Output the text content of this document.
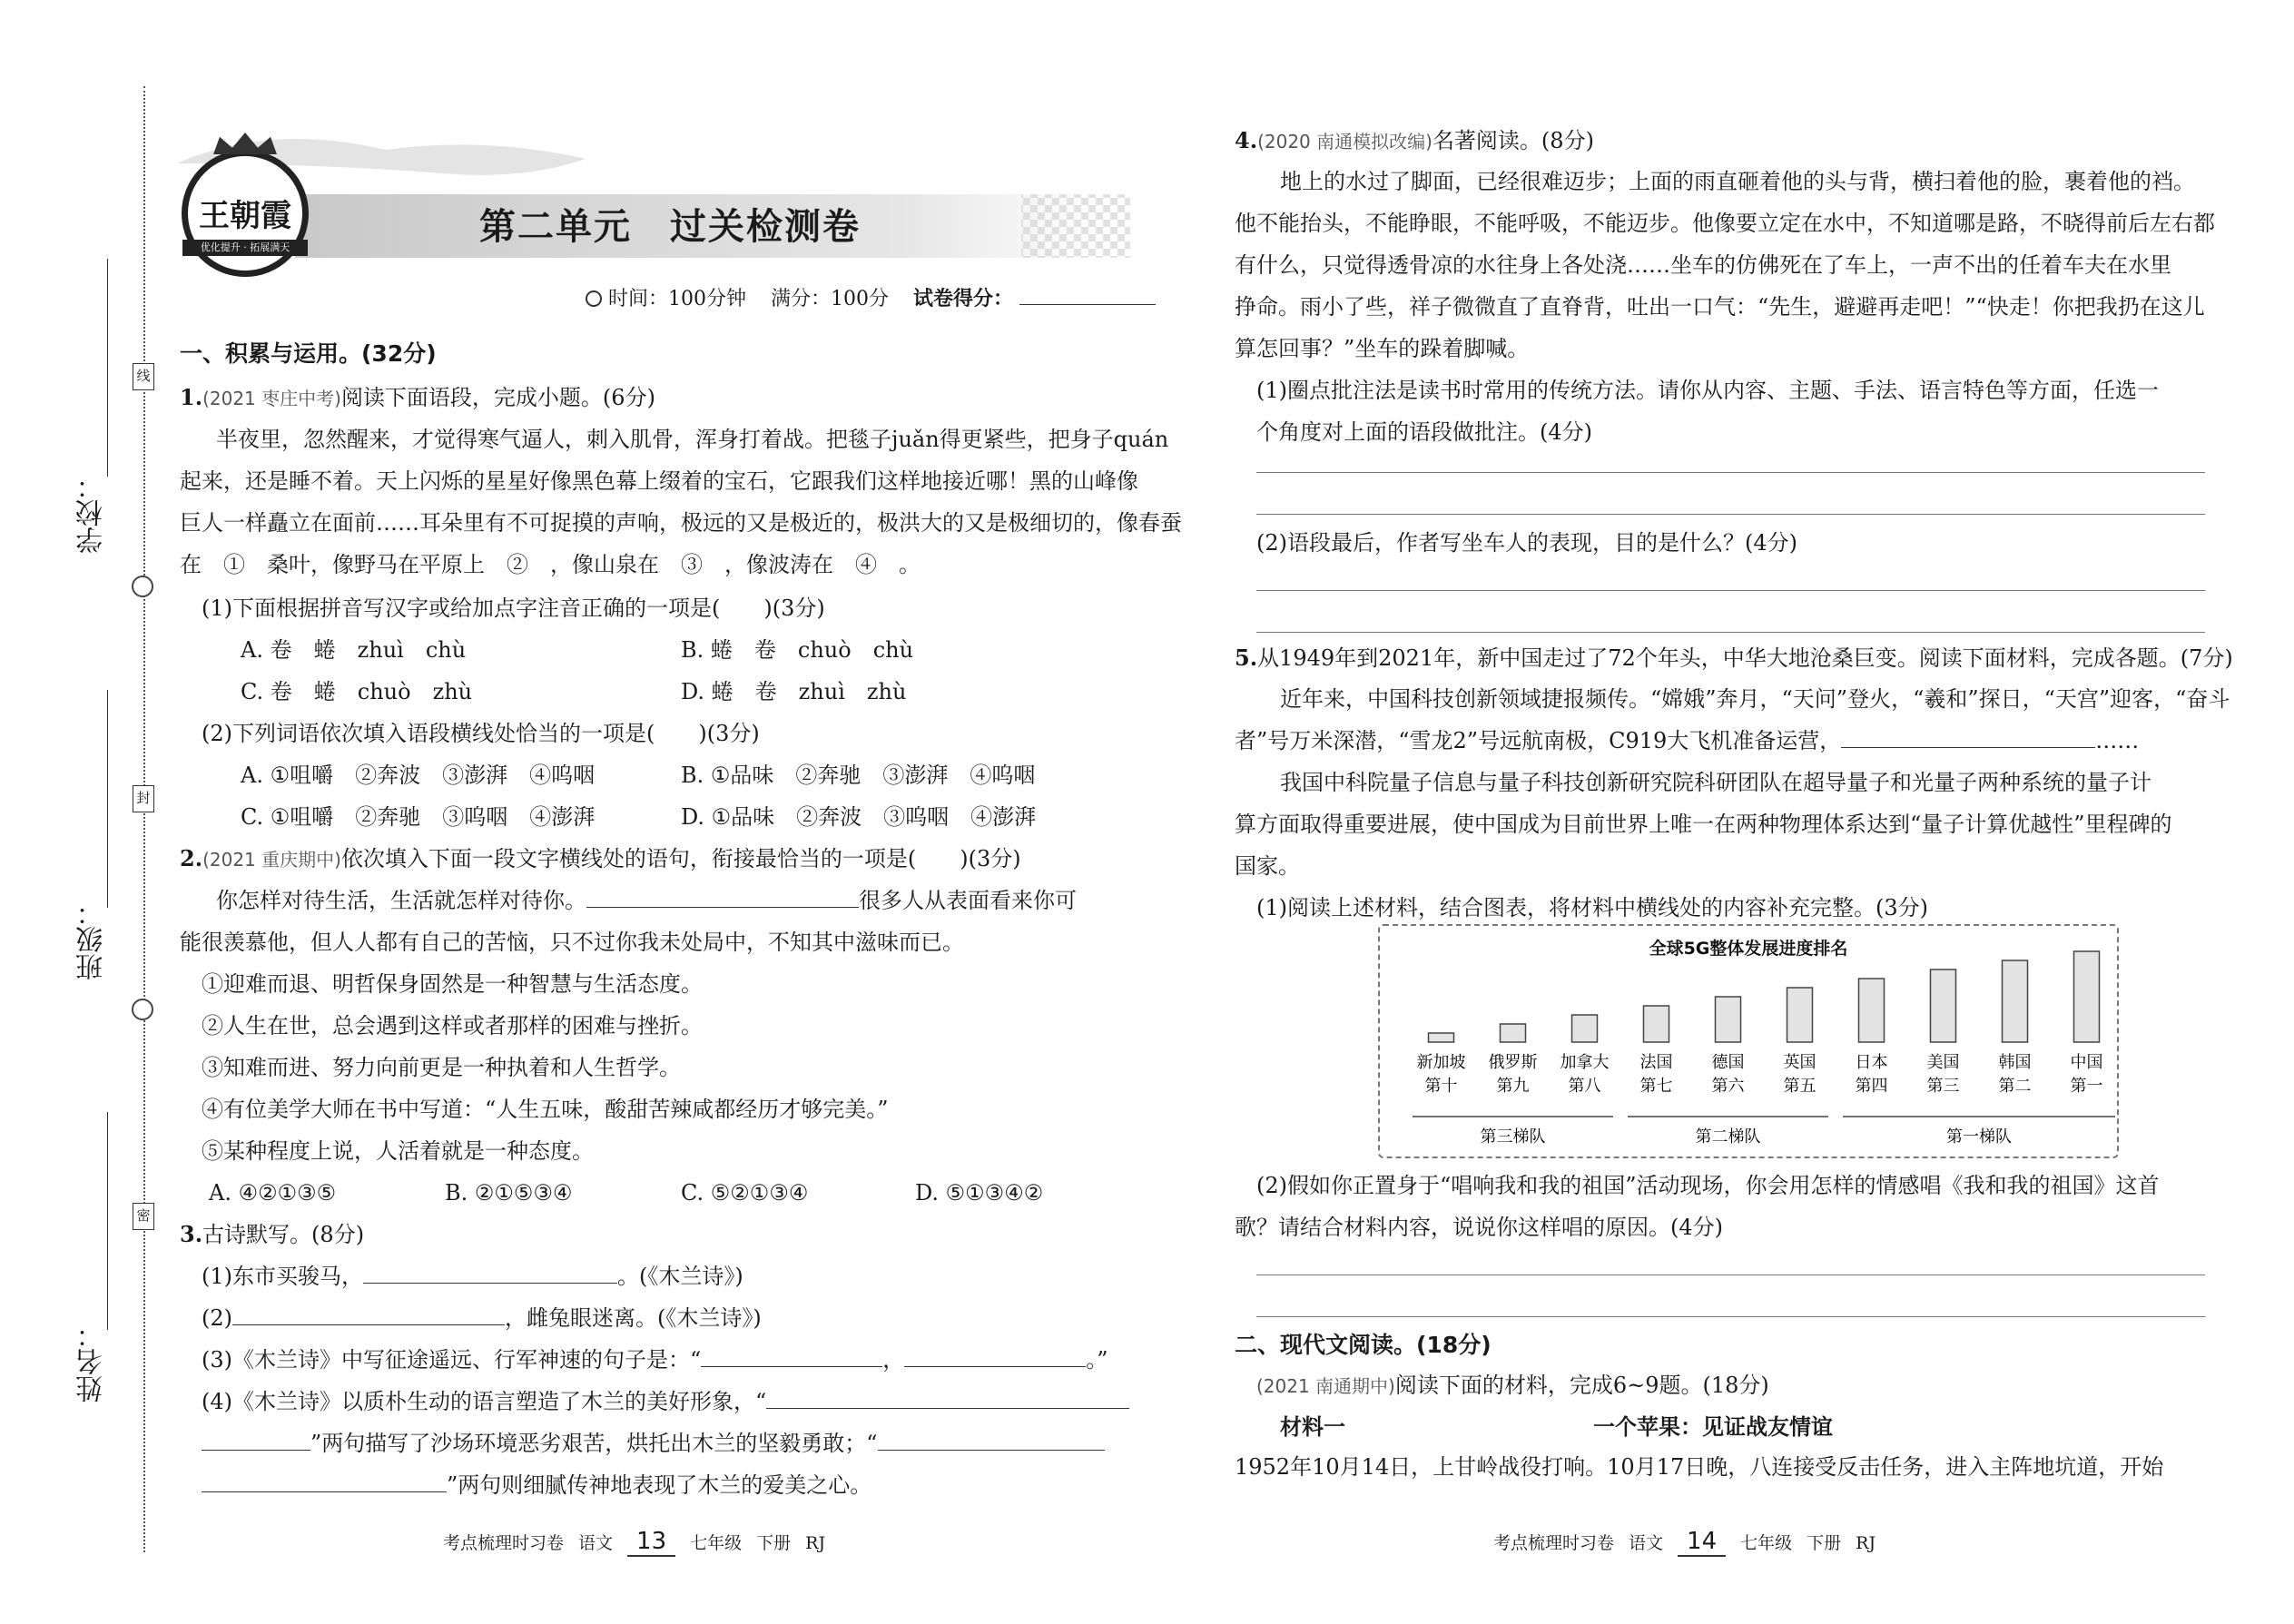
学校：
班级：
姓名：
线
封
密
王朝霞
优化提升 · 拓展满天	第二单元　过关检测卷
时间：100分钟 满分：100分 试卷得分：
一、积累与运用。(32分)
1.(2021 枣庄中考)阅读下面语段，完成小题。(6分)
半夜里，忽然醒来，才觉得寒气逼人，刺入肌骨，浑身打着战。把毯子juǎn得更紧些，把身子quán
起来，还是睡不着。天上闪烁的星星好像黑色幕上缀着的宝石，它跟我们这样地接近哪！黑的山峰像
巨人一样矗立在面前……耳朵里有不可捉摸的声响，极远的又是极近的，极洪大的又是极细切的，像春蚕
在　①　桑叶，像野马在平原上　②　，像山泉在　③　，像波涛在　④　。
(1)下面根据拼音写汉字或给加点字注音正确的一项是(　　)(3分)
A. 卷　蜷　zhuì　chù	B. 蜷　卷　chuò　chù
C. 卷　蜷　chuò　zhù	D. 蜷　卷　zhuì　zhù
(2)下列词语依次填入语段横线处恰当的一项是(　　)(3分)
A. ①咀嚼　②奔波　③澎湃　④呜咽	B. ①品味　②奔驰　③澎湃　④呜咽
C. ①咀嚼　②奔驰　③呜咽　④澎湃	D. ①品味　②奔波　③呜咽　④澎湃
2.(2021 重庆期中)依次填入下面一段文字横线处的语句，衔接最恰当的一项是(　　)(3分)
你怎样对待生活，生活就怎样对待你。	很多人从表面看来你可
能很羡慕他，但人人都有自己的苦恼，只不过你我未处局中，不知其中滋味而已。
①迎难而退、明哲保身固然是一种智慧与生活态度。
②人生在世，总会遇到这样或者那样的困难与挫折。
③知难而进、努力向前更是一种执着和人生哲学。
④有位美学大师在书中写道：“人生五味，酸甜苦辣咸都经历才够完美。”
⑤某种程度上说，人活着就是一种态度。
A. ④②①③⑤	B. ②①⑤③④	C. ⑤②①③④	D. ⑤①③④②
3.古诗默写。(8分)
(1)东市买骏马，	。(《木兰诗》)
(2)	，雌兔眼迷离。(《木兰诗》)
(3)《木兰诗》中写征途遥远、行军神速的句子是：“	，	。”
(4)《木兰诗》以质朴生动的语言塑造了木兰的美好形象，“
”两句描写了沙场环境恶劣艰苦，烘托出木兰的坚毅勇敢；“
”两句则细腻传神地表现了木兰的爱美之心。
4.(2020 南通模拟改编)名著阅读。(8分)
地上的水过了脚面，已经很难迈步；上面的雨直砸着他的头与背，横扫着他的脸，裹着他的裆。
他不能抬头，不能睁眼，不能呼吸，不能迈步。他像要立定在水中，不知道哪是路，不晓得前后左右都
有什么，只觉得透骨凉的水往身上各处浇……坐车的仿佛死在了车上，一声不出的任着车夫在水里
挣命。雨小了些，祥子微微直了直脊背，吐出一口气：“先生，避避再走吧！”“快走！你把我扔在这儿
算怎回事？”坐车的跺着脚喊。
(1)圈点批注法是读书时常用的传统方法。请你从内容、主题、手法、语言特色等方面，任选一
个角度对上面的语段做批注。(4分)
(2)语段最后，作者写坐车人的表现，目的是什么？(4分)
5.从1949年到2021年，新中国走过了72个年头，中华大地沧桑巨变。阅读下面材料，完成各题。(7分)
近年来，中国科技创新领域捷报频传。“嫦娥”奔月，“天问”登火，“羲和”探日，“天宫”迎客，“奋斗
者”号万米深潜，“雪龙2”号远航南极，C919大飞机准备运营，	……
我国中科院量子信息与量子科技创新研究院科研团队在超导量子和光量子两种系统的量子计
算方面取得重要进展，使中国成为目前世界上唯一在两种物理体系达到“量子计算优越性”里程碑的
国家。
(1)阅读上述材料，结合图表，将材料中横线处的内容补充完整。(3分)
全球5G整体发展进度排名
新加坡
第十
俄罗斯
第九
加拿大
第八
法国
第七
德国
第六
英国
第五
日本
第四
美国
第三
韩国
第二
中国
第一
第三梯队	第二梯队	第一梯队
(2)假如你正置身于“唱响我和我的祖国”活动现场，你会用怎样的情感唱《我和我的祖国》这首
歌？请结合材料内容，说说你这样唱的原因。(4分)
二、现代文阅读。(18分)
(2021 南通期中)阅读下面的材料，完成6~9题。(18分)
材料一	一个苹果：见证战友情谊
1952年10月14日，上甘岭战役打响。10月17日晚，八连接受反击任务，进入主阵地坑道，开始
考点梳理时习卷 语文 13 七年级 下册 RJ	考点梳理时习卷 语文 14 七年级 下册 RJ
